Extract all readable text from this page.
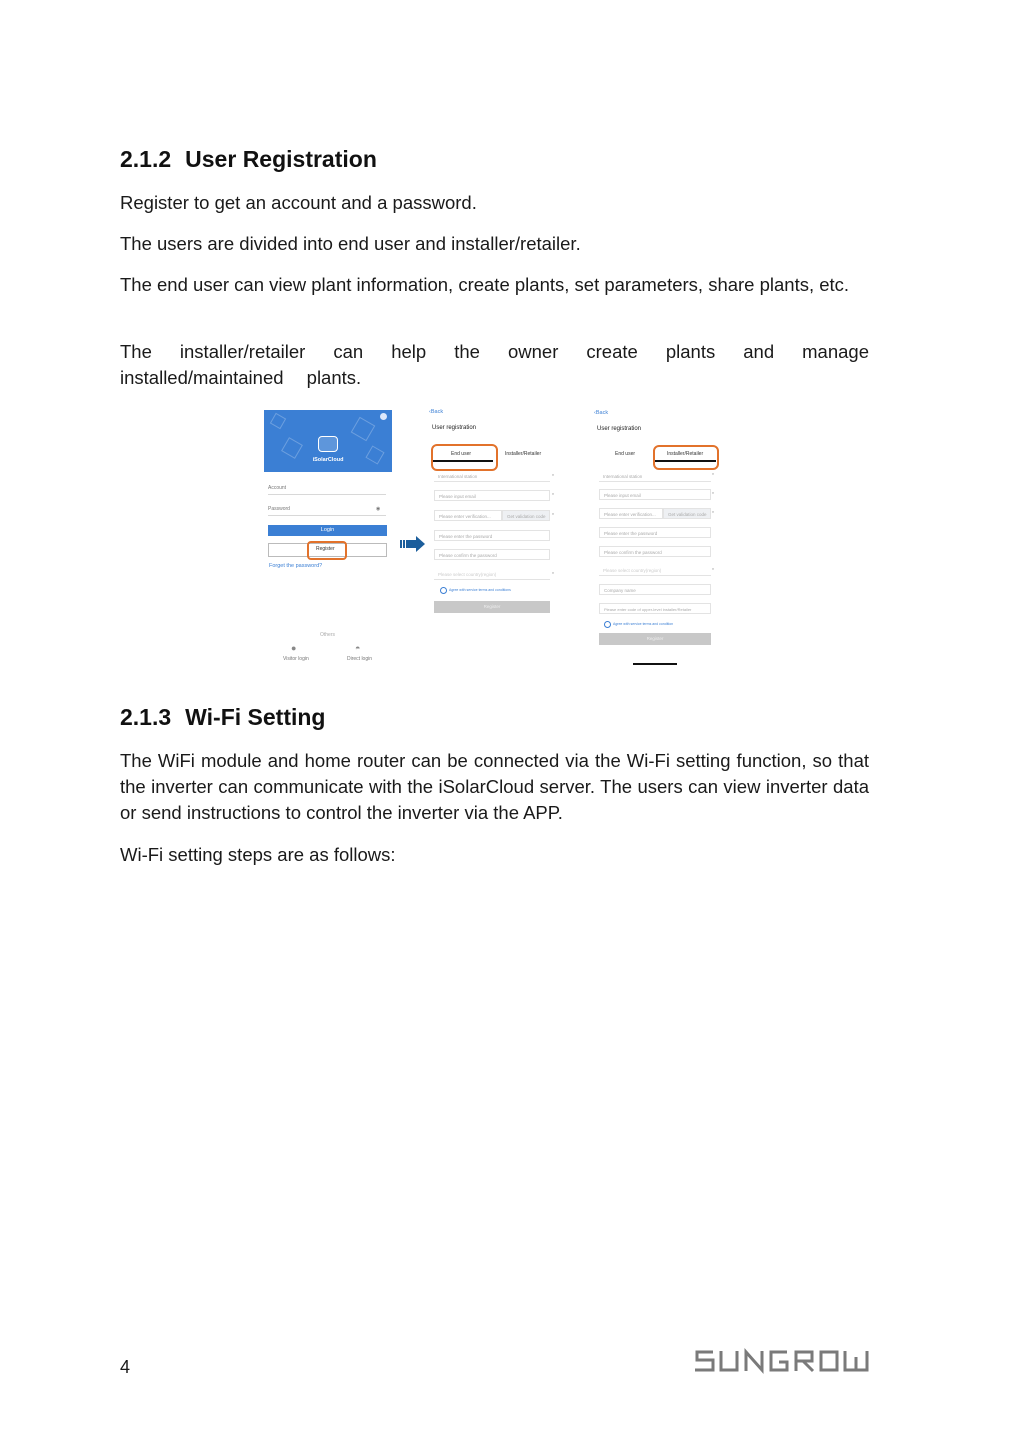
2.1.2 User Registration

Register to get an account and a password.

The users are divided into end user and installer/retailer.

The end user can view plant information, create plants, set parameters, share plants, etc.

The installer/retailer can help the owner create plants and manage installed/maintained plants.

iSolarCloud
Account
Password	◉
Login
Register
Forget the password?
Others
●
Visitor login
◓
Direct login
‹Back
User registration
End user	Installer/Retailer
International station
Please input email
Please enter verification...	Get validation code
Please enter the password
Please confirm the password
Please select country(region)
*
*
*
*
Agree with service terms and conditions
Register
‹Back
User registration
End user	Installer/Retailer
International station
Please input email
Please enter verification...	Get validation code
Please enter the password
Please confirm the password
Please select country(region)
Company name
Please enter code of upper-level installer/Retailer
*
*
*
*
Agree with service terms and condition
Register
2.1.3 Wi-Fi Setting

The WiFi module and home router can be connected via the Wi-Fi setting function, so that the inverter can communicate with the iSolarCloud server. The users can view inverter data or send instructions to control the inverter via the APP.

Wi-Fi setting steps are as follows:

4
